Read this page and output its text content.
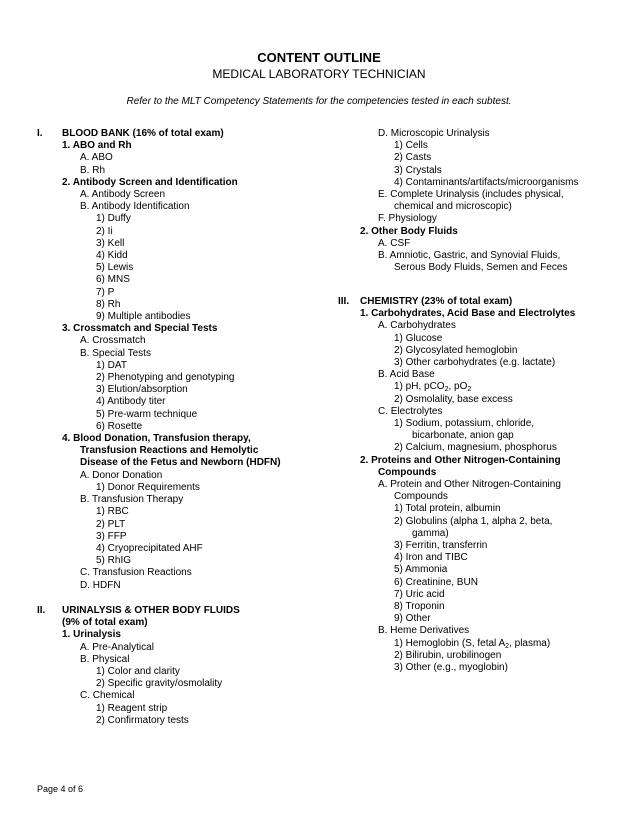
CONTENT OUTLINE
MEDICAL LABORATORY TECHNICIAN
Refer to the MLT Competency Statements for the competencies tested in each subtest.
I. BLOOD BANK (16% of total exam)
1. ABO and Rh
A. ABO
B. Rh
2. Antibody Screen and Identification
A. Antibody Screen
B. Antibody Identification
1) Duffy
2) Ii
3) Kell
4) Kidd
5) Lewis
6) MNS
7) P
8) Rh
9) Multiple antibodies
3. Crossmatch and Special Tests
A. Crossmatch
B. Special Tests
1) DAT
2) Phenotyping and genotyping
3) Elution/absorption
4) Antibody titer
5) Pre-warm technique
6) Rosette
4. Blood Donation, Transfusion therapy,
Transfusion Reactions and Hemolytic
Disease of the Fetus and Newborn (HDFN)
A. Donor Donation
1) Donor Requirements
B. Transfusion Therapy
1) RBC
2) PLT
3) FFP
4) Cryoprecipitated AHF
5) RhIG
C. Transfusion Reactions
D. HDFN
II. URINALYSIS & OTHER BODY FLUIDS
(9% of total exam)
1. Urinalysis
A. Pre-Analytical
B. Physical
1) Color and clarity
2) Specific gravity/osmolality
C. Chemical
1) Reagent strip
2) Confirmatory tests
D. Microscopic Urinalysis
1) Cells
2) Casts
3) Crystals
4) Contaminants/artifacts/microorganisms
E. Complete Urinalysis (includes physical,
chemical and microscopic)
F. Physiology
2. Other Body Fluids
A. CSF
B. Amniotic, Gastric, and Synovial Fluids,
Serous Body Fluids, Semen and Feces
III. CHEMISTRY (23% of total exam)
1. Carbohydrates, Acid Base and Electrolytes
A. Carbohydrates
1) Glucose
2) Glycosylated hemoglobin
3) Other carbohydrates (e.g. lactate)
B. Acid Base
1) pH, pCO$_2$, $pO_2$
2) Osmolality, base excess
C. Electrolytes
1) Sodium, potassium, chloride,
bicarbonate, anion gap
2) Calcium, magnesium, phosphorus
2. Proteins and Other Nitrogen-Containing
Compounds
A. Protein and Other Nitrogen-Containing
Compounds
1) Total protein, albumin
2) Globulins (alpha 1, alpha 2, beta,
gamma)
3) Ferritin, transferrin
4) Iron and TIBC
5) Ammonia
6) Creatinine, BUN
7) Uric acid
8) Troponin
9) Other
B. Heme Derivatives
1) Hemoglobin (S, fetal $A_2$, plasma)
2) Bilirubin, urobilinogen
3) Other (e.g., myoglobin)
Page 4 of 6
